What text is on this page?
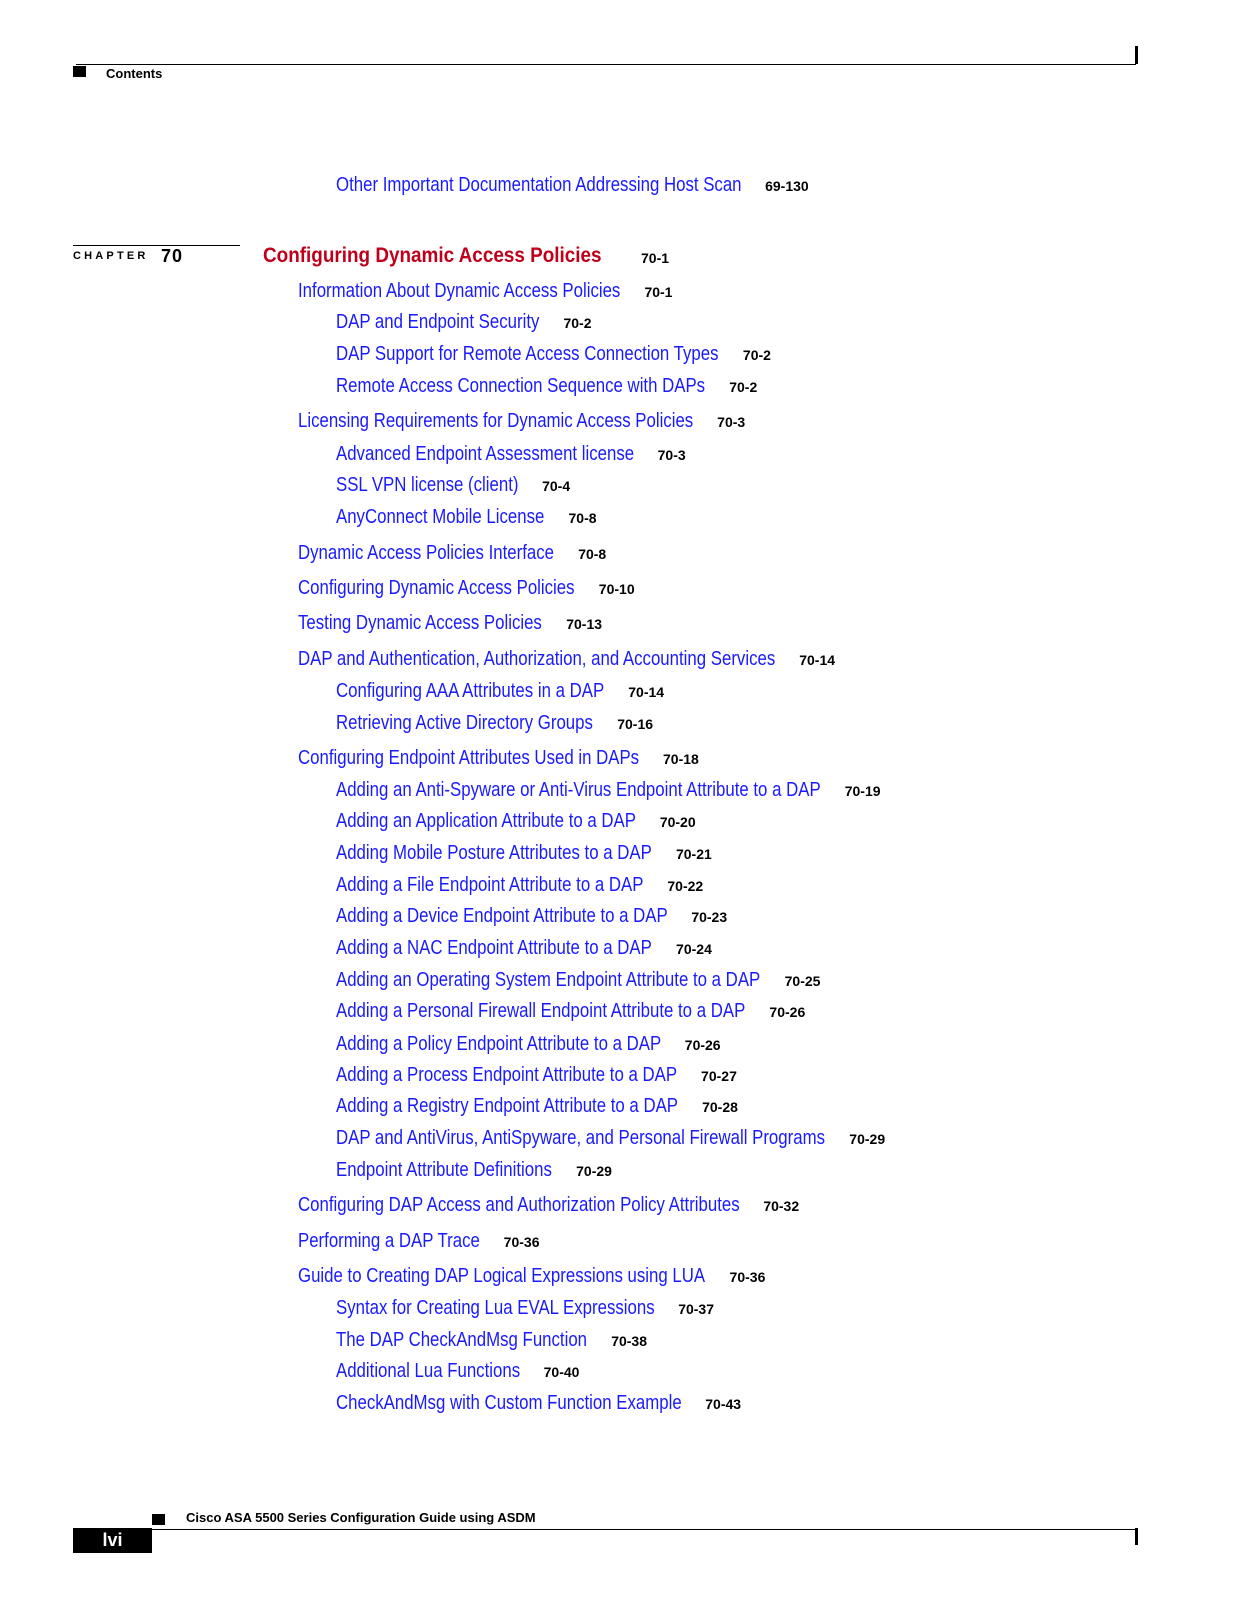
Contents
Other Important Documentation Addressing Host Scan 69-130
CHAPTER 70	Configuring Dynamic Access Policies	70-1
Information About Dynamic Access Policies 70-1
DAP and Endpoint Security 70-2
DAP Support for Remote Access Connection Types 70-2
Remote Access Connection Sequence with DAPs 70-2
Licensing Requirements for Dynamic Access Policies 70-3
Advanced Endpoint Assessment license 70-3
SSL VPN license (client) 70-4
AnyConnect Mobile License 70-8
Dynamic Access Policies Interface 70-8
Configuring Dynamic Access Policies 70-10
Testing Dynamic Access Policies 70-13
DAP and Authentication, Authorization, and Accounting Services 70-14
Configuring AAA Attributes in a DAP 70-14
Retrieving Active Directory Groups 70-16
Configuring Endpoint Attributes Used in DAPs 70-18
Adding an Anti-Spyware or Anti-Virus Endpoint Attribute to a DAP 70-19
Adding an Application Attribute to a DAP 70-20
Adding Mobile Posture Attributes to a DAP 70-21
Adding a File Endpoint Attribute to a DAP 70-22
Adding a Device Endpoint Attribute to a DAP 70-23
Adding a NAC Endpoint Attribute to a DAP 70-24
Adding an Operating System Endpoint Attribute to a DAP 70-25
Adding a Personal Firewall Endpoint Attribute to a DAP 70-26
Adding a Policy Endpoint Attribute to a DAP 70-26
Adding a Process Endpoint Attribute to a DAP 70-27
Adding a Registry Endpoint Attribute to a DAP 70-28
DAP and AntiVirus, AntiSpyware, and Personal Firewall Programs 70-29
Endpoint Attribute Definitions 70-29
Configuring DAP Access and Authorization Policy Attributes 70-32
Performing a DAP Trace 70-36
Guide to Creating DAP Logical Expressions using LUA 70-36
Syntax for Creating Lua EVAL Expressions 70-37
The DAP CheckAndMsg Function 70-38
Additional Lua Functions 70-40
CheckAndMsg with Custom Function Example 70-43
Cisco ASA 5500 Series Configuration Guide using ASDM
lvi
